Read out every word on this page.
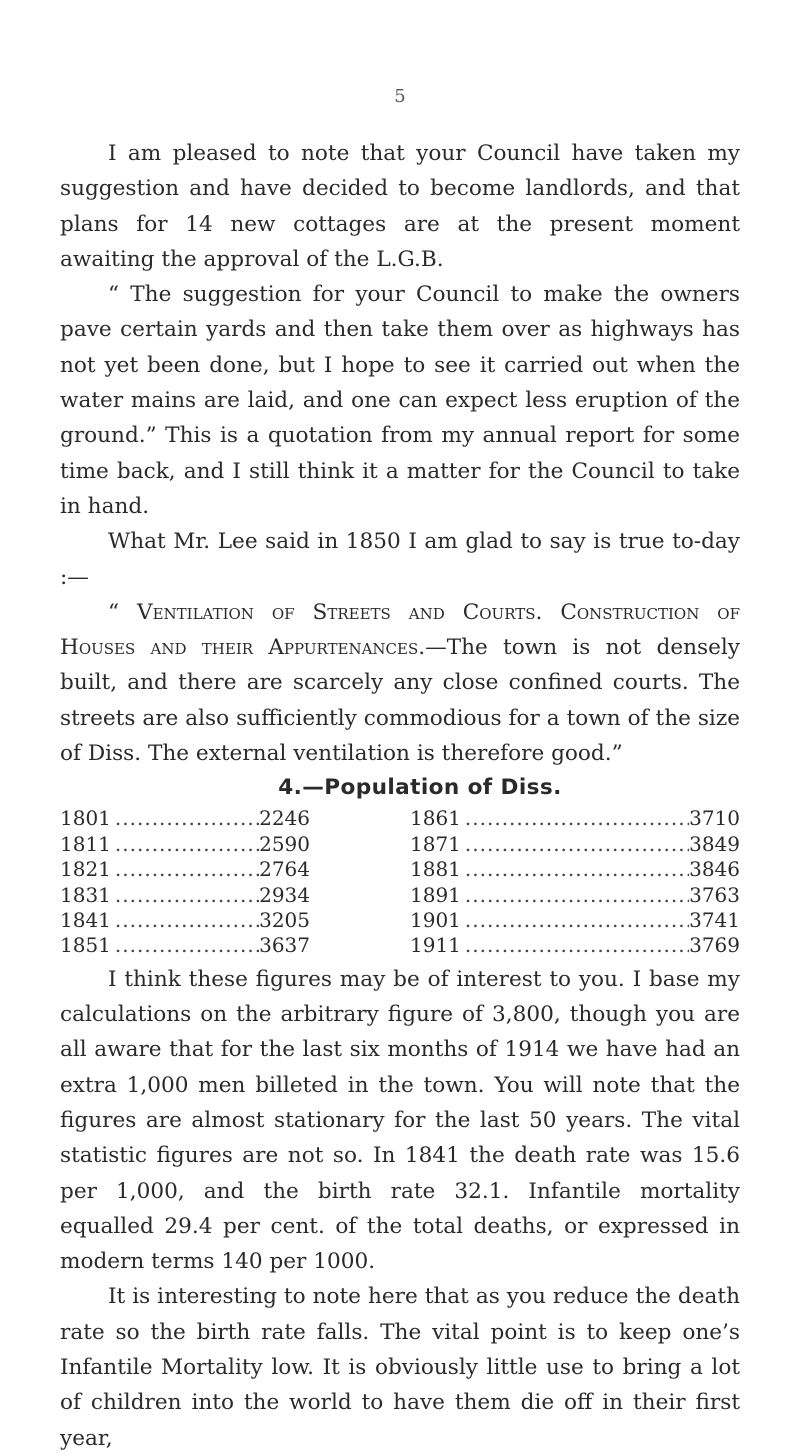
5

I am pleased to note that your Council have taken my suggestion and have decided to become landlords, and that plans for 14 new cottages are at the present moment awaiting the approval of the L.G.B.

“ The suggestion for your Council to make the owners pave certain yards and then take them over as highways has not yet been done, but I hope to see it carried out when the water mains are laid, and one can expect less eruption of the ground.” This is a quotation from my annual report for some time back, and I still think it a matter for the Council to take in hand.

What Mr. Lee said in 1850 I am glad to say is true to-day :—

“ Ventilation of Streets and Courts. Construction of Houses and their Appurtenances.—The town is not densely built, and there are scarcely any close confined courts. The streets are also sufficiently commodious for a town of the size of Diss. The external ventilation is therefore good.”

4.—Population of Diss.
1801 .....	2246
1811 .....	2590
1821 .....	2764
1831 .....	2934
1841 .....	3205
1851 .....	3637
1861 .....	3710
1871 .....	3849
1881 .....	3846
1891 .....	3763
1901 .....	3741
1911 .....	3769

I think these figures may be of interest to you. I base my calculations on the arbitrary figure of 3,800, though you are all aware that for the last six months of 1914 we have had an extra 1,000 men billeted in the town. You will note that the figures are almost stationary for the last 50 years. The vital statistic figures are not so. In 1841 the death rate was 15.6 per 1,000, and the birth rate 32.1. Infantile mortality equalled 29.4 per cent. of the total deaths, or expressed in modern terms 140 per 1000.

It is interesting to note here that as you reduce the death rate so the birth rate falls. The vital point is to keep one’s Infantile Mortality low. It is obviously little use to bring a lot of children into the world to have them die off in their first year,
